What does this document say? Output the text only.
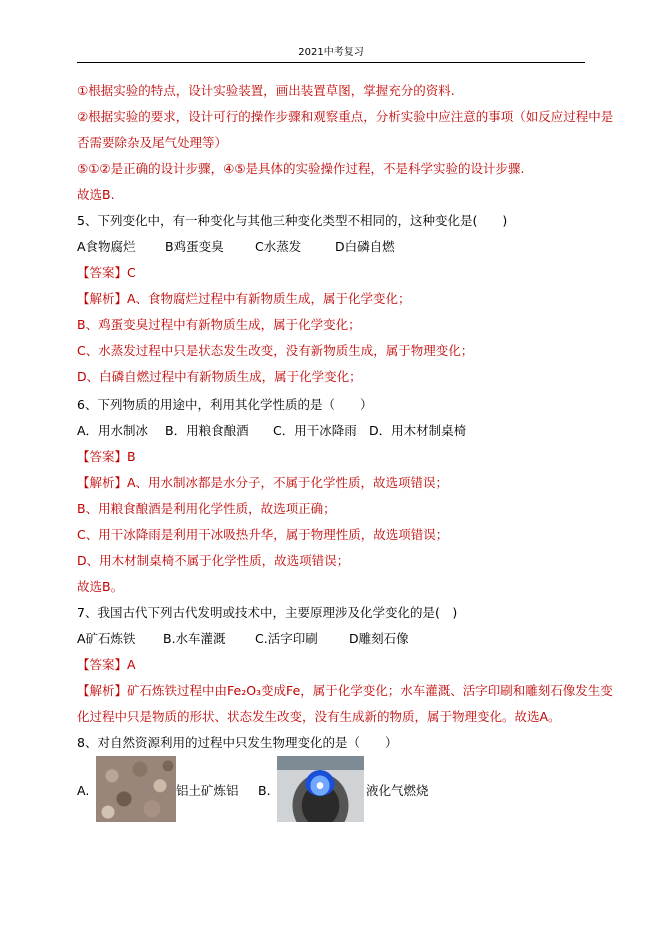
2021中考复习
①根据实验的特点，设计实验装置，画出装置草图，掌握充分的资料.
②根据实验的要求，设计可行的操作步骤和观察重点，分析实验中应注意的事项（如反应过程中是
否需要除杂及尾气处理等）
⑤①②是正确的设计步骤，④⑤是具体的实验操作过程，不是科学实验的设计步骤.
故选B.
5、下列变化中，有一种变化与其他三种变化类型不相同的，这种变化是(　　)
A食物腐烂 B鸡蛋变臭	C水蒸发	D白磷自燃
【答案】C
【解析】A、食物腐烂过程中有新物质生成，属于化学变化；
B、鸡蛋变臭过程中有新物质生成，属于化学变化；
C、水蒸发过程中只是状态发生改变，没有新物质生成，属于物理变化；
D、白磷自燃过程中有新物质生成，属于化学变化；
6、下列物质的用途中，利用其化学性质的是（　　）
A．用水制冰 B．用粮食酿酒 C．用干冰降雨 D．用木材制桌椅
【答案】B
【解析】A、用水制冰都是水分子，不属于化学性质，故选项错误；
B、用粮食酿酒是利用化学性质，故选项正确；
C、用干冰降雨是利用干冰吸热升华，属于物理性质，故选项错误；
D、用木材制桌椅不属于化学性质，故选项错误；
故选B。
7、我国古代下列古代发明或技术中，主要原理涉及化学变化的是(　)
A矿石炼铁 B.水车灌溉 C.活字印刷	D雕刻石像
【答案】A
【解析】矿石炼铁过程中由Fe₂O₃变成Fe，属于化学变化；水车灌溉、活字印刷和雕刻石像发生变
化过程中只是物质的形状、状态发生改变，没有生成新的物质，属于物理变化。故选A。
8、对自然资源利用的过程中只发生物理变化的是（　　）
A.	铝土矿炼铝	B.	液化气燃烧
